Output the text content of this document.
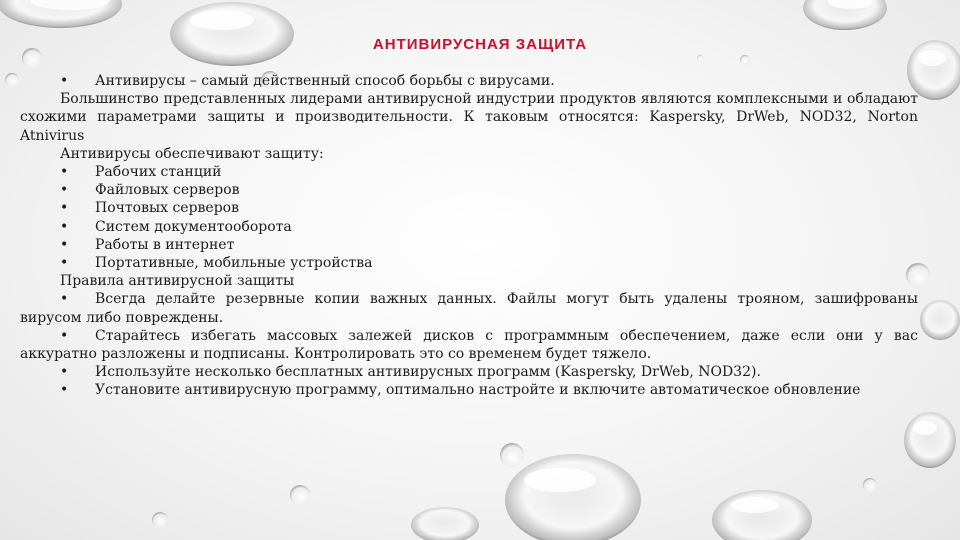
АНТИВИРУСНАЯ ЗАЩИТА
•	Антивирусы – самый действенный способ борьбы с вирусами.

Большинство представленных лидерами антивирусной индустрии продуктов являются комплексными и обладают схожими параметрами защиты и производительности. К таковым относятся: Kaspersky, DrWeb, NOD32, Norton Atnivirus

Антивирусы обеспечивают защиту:
•	Рабочих станций
•	Файловых серверов
•	Почтовых серверов
•	Систем документооборота
•	Работы в интернет
•	Портативные, мобильные устройства
Правила антивирусной защиты

• Всегда делайте резервные копии важных данных. Файлы могут быть удалены трояном, зашифрованы вирусом либо повреждены.

• Старайтесь избегать массовых залежей дисков с программным обеспечением, даже если они у вас аккуратно разложены и подписаны. Контролировать это со временем будет тяжело.

•	Используйте несколько бесплатных антивирусных программ (Kaspersky, DrWeb, NOD32).
•	Установите антивирусную программу, оптимально настройте и включите автоматическое обновление
